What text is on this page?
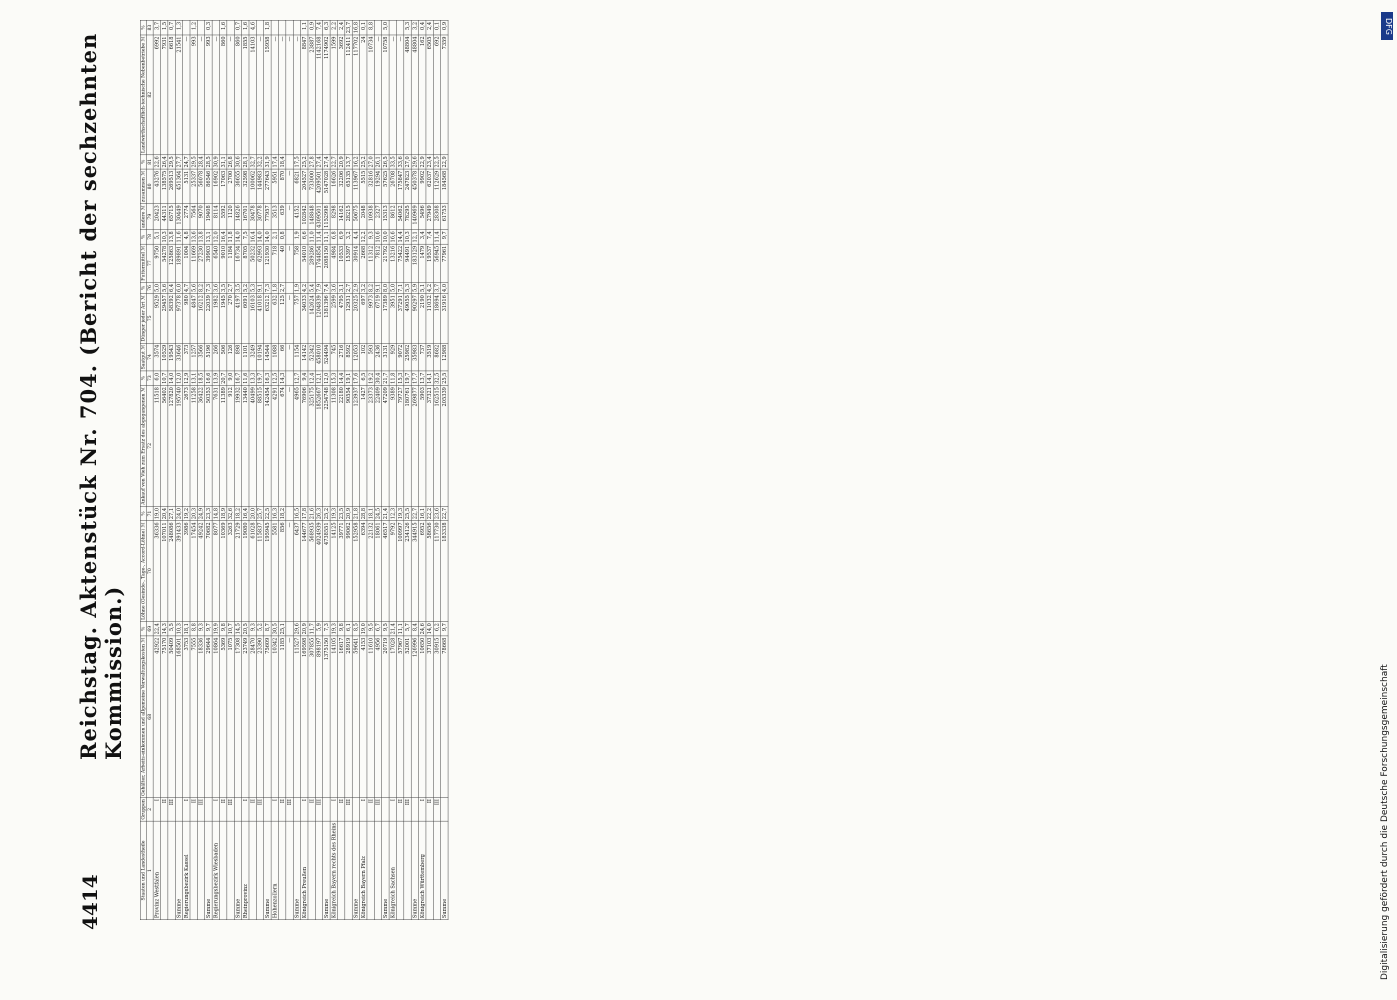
4414
Reichstag. Aktenstück Nr. 704. (Bericht der sechzehnten Kommission.)
Staaten und Landestheile	Gruppen	Gehälter, Arbeits-einkommen und allgemeine Verwaltungskosten ℳ	%	Löhne (Gesinde-, Tage-, Accord-Löhne) ℳ	%	Ankauf von Vieh zum Ersatz des abgegangenen ℳ	%	Saatgut ℳ	Dünger jeder Art ℳ	%	Futtermittel ℳ	%	andere ℳ	zusammen ℳ	%	Landwirthschaftlich-technische Nebenbetriebe ℳ	%
1	2	68	69	70	71	72	73	74	75	76	77	78	79	80	81	82	83
Provinz Westfalen	I	42922	22,4	36336	19,0	11518	6,0	3574	9529	5,0	9750	5,1	20423	43276	22,6	6992	3,7
	II	75170	14,3	107011	20,4	56402	10,7	10529	29457	5,6	54278	10,3	44311	138575	26,4	7931	1,5
	III	50409	5,5	248086	27,1	127820	14,0	19543	58392	6,4	125863	13,8	65715	269513	29,5	6618	0,7
Summe		168501	10,3	391433	24,0	195740	12,0	33646	97378	6,0	189891	11,6	130449	451364	27,7	21541	1,3
Regierungsbezirk Kassel	I	3753	18,1	3986	19,2	2673	12,9	373	980	4,7	1004	4,8	2774	5131	24,7	—	
	II	7555	8,8	17454	20,3	11258	13,1	1257	4847	5,6	11669	13,6	7564	25337	29,5	993	1,2
	III	18336	9,3	49242	24,9	36422	18,5	3566	16212	8,2	27230	13,8	9070	56078	28,4	—	
Summe		29644	9,7	70682	23,3	50353	16,6	5196	22039	7,3	39903	13,1	19408	86546	28,5	993	0,3
Regierungsbezirk Wiesbaden	I	10864	19,9	8077	14,8	7631	13,9	266	1982	3,6	6540	12,0	8114	16902	30,9	—	
	II	5369	9,8	10369	18,9	11389	20,7	506	1945	3,5	9010	16,4	5592	17063	31,1	860	1,6
	III	1075	10,7	3263	32,6	912	9,0	126	270	2,7	1184	11,8	1120	2700	26,8	—	
Summe		17308	14,5	21729	18,2	19932	16,7	898	4197	3,5	16734	14,0	14826	36655	30,6	860	0,7
Rheinprovinz	I	23749	20,5	19080	16,4	13440	11,6	1101	6091	5,2	8705	7,5	16701	32598	28,1	1855	1,6
	II	28470	9,3	61028	20,0	40499	13,3	3249	16103	5,3	50232	16,4	30478	100062	32,7	14103	4,6
	III	23390	5,2	115837	25,7	88515	19,7	10194	41018	9,1	62993	14,0	30778	144983	32,2	—	
Summe		75609	8,7	195945	22,5	142454	16,3	14544	63212	7,3	121930	14,0	77957	277643	31,9	15958	1,8
Hohenzollern	I	10342	30,5	5581	16,3	4291	12,5	1088	632	1,8	718	2,1	3513	5951	17,4	—	
	II	1185	25,1	856	18,2	674	14,3	66	125	2,7	40	0,8	639	870	18,4	—	
	III	—		—		—		—	—		—		—	—		—	
Summe		11527	29,6	6437	16,5	4965	12,7	1154	757	1,9	758	1,9	4152	6821	17,5	—	
Königreich Preußen	I	169598	20,9	144677	17,8	76906	9,4	14142	34033	4,2	54010	6,6	102842	204527	25,2	8847	1,1
	II	307855	11,7	568935	21,6	325175	12,4	52342	142624	5,4	289286	11,0	148848	733000	27,8	23887	0,9
	III	898197	5,9	4024939	26,3	1852667	12,1	458010	1204839	7,9	1744854	11,4	4309501	4209501	27,4	1142168	7,4
Summe		1375150	7,3	4738551	25,2	2254748	12,0	524494	1381396	7,4	2088150	11,1	1152998	5147028	27,4	1174902	6,3
Königreich Bayern rechts des Rheins	I	14105	19,3	14125	19,3	11308	15,3	745	2599	3,6	4984	6,8	8298	16626	22,7	1599	2,2
	II	16617	9,8	39771	23,5	22180	14,4	2716	4795	3,1	10533	6,9	14162	32206	20,9	3692	2,4
	III	28919	6,1	99062	20,9	90554	19,1	8592	12931	2,7	15397	3,2	28215	65135	13,7	112411	23,7
Summe		59641	8,5	152958	21,8	123937	17,6	12053	20325	2,9	30914	4,4	50675	113967	16,2	117702	16,8
Königreich Bayern Pfalz	I	4153	19,0	6394	28,8	1427	6,5	102	697	3,2	2668	12,2	2048	5515	25,2	24	0,1
	II	11610	9,5	22132	18,1	23373	19,2	593	9973	8,2	11312	9,3	10938	32816	27,0	10734	8,8
	III	4956	6,7	18061	24,5	22409	30,4	2436	6719	9,1	7812	10,6	2327	19294	26,1	—	
Summe		20719	9,5	46517	21,4	47209	21,7	3131	17389	8,0	21792	10,0	15313	57625	26,5	10758	5,0
Königreich Sachsen	I	17028	21,4	9792	12,3	9389	11,8	929	3951	5,0	13216	16,6	8612	26708	33,5	—	
	II	57967	11,1	100997	19,3	79727	15,3	9072	37291	7,1	75422	14,4	54062	175847	33,6	—	
	III	52001	5,7	234126	25,5	180761	19,7	25982	49055	5,3	94491	10,3	78295	247823	27,0	48804	5,3
Summe		126996	8,4	344915	22,7	269877	17,7	35983	90297	5,9	183129	12,1	140969	450378	29,6	48804	3,2
Königreich Württemberg	I	10650	24,6	6952	16,1	5903	13,7	737	2190	5,1	1479	3,4	5496	9902	22,9	162	0,4
	II	37103	14,0	58656	22,2	37321	14,1	3519	11032	4,2	19537	7,4	27949	62037	23,4	6505	2,4
	III	30915	6,2	117730	23,6	162515	32,5	8682	18694	3,7	56945	11,4	28308	112629	22,5	692	0,1
Summe		78668	9,7	183338	22,7	205339	25,5	12988	31916	4,0	77961	9,7	61753	184568	22,9	7359	0,9
Digitalisierung gefördert durch die Deutsche Forschungsgemeinschaft
DFG
